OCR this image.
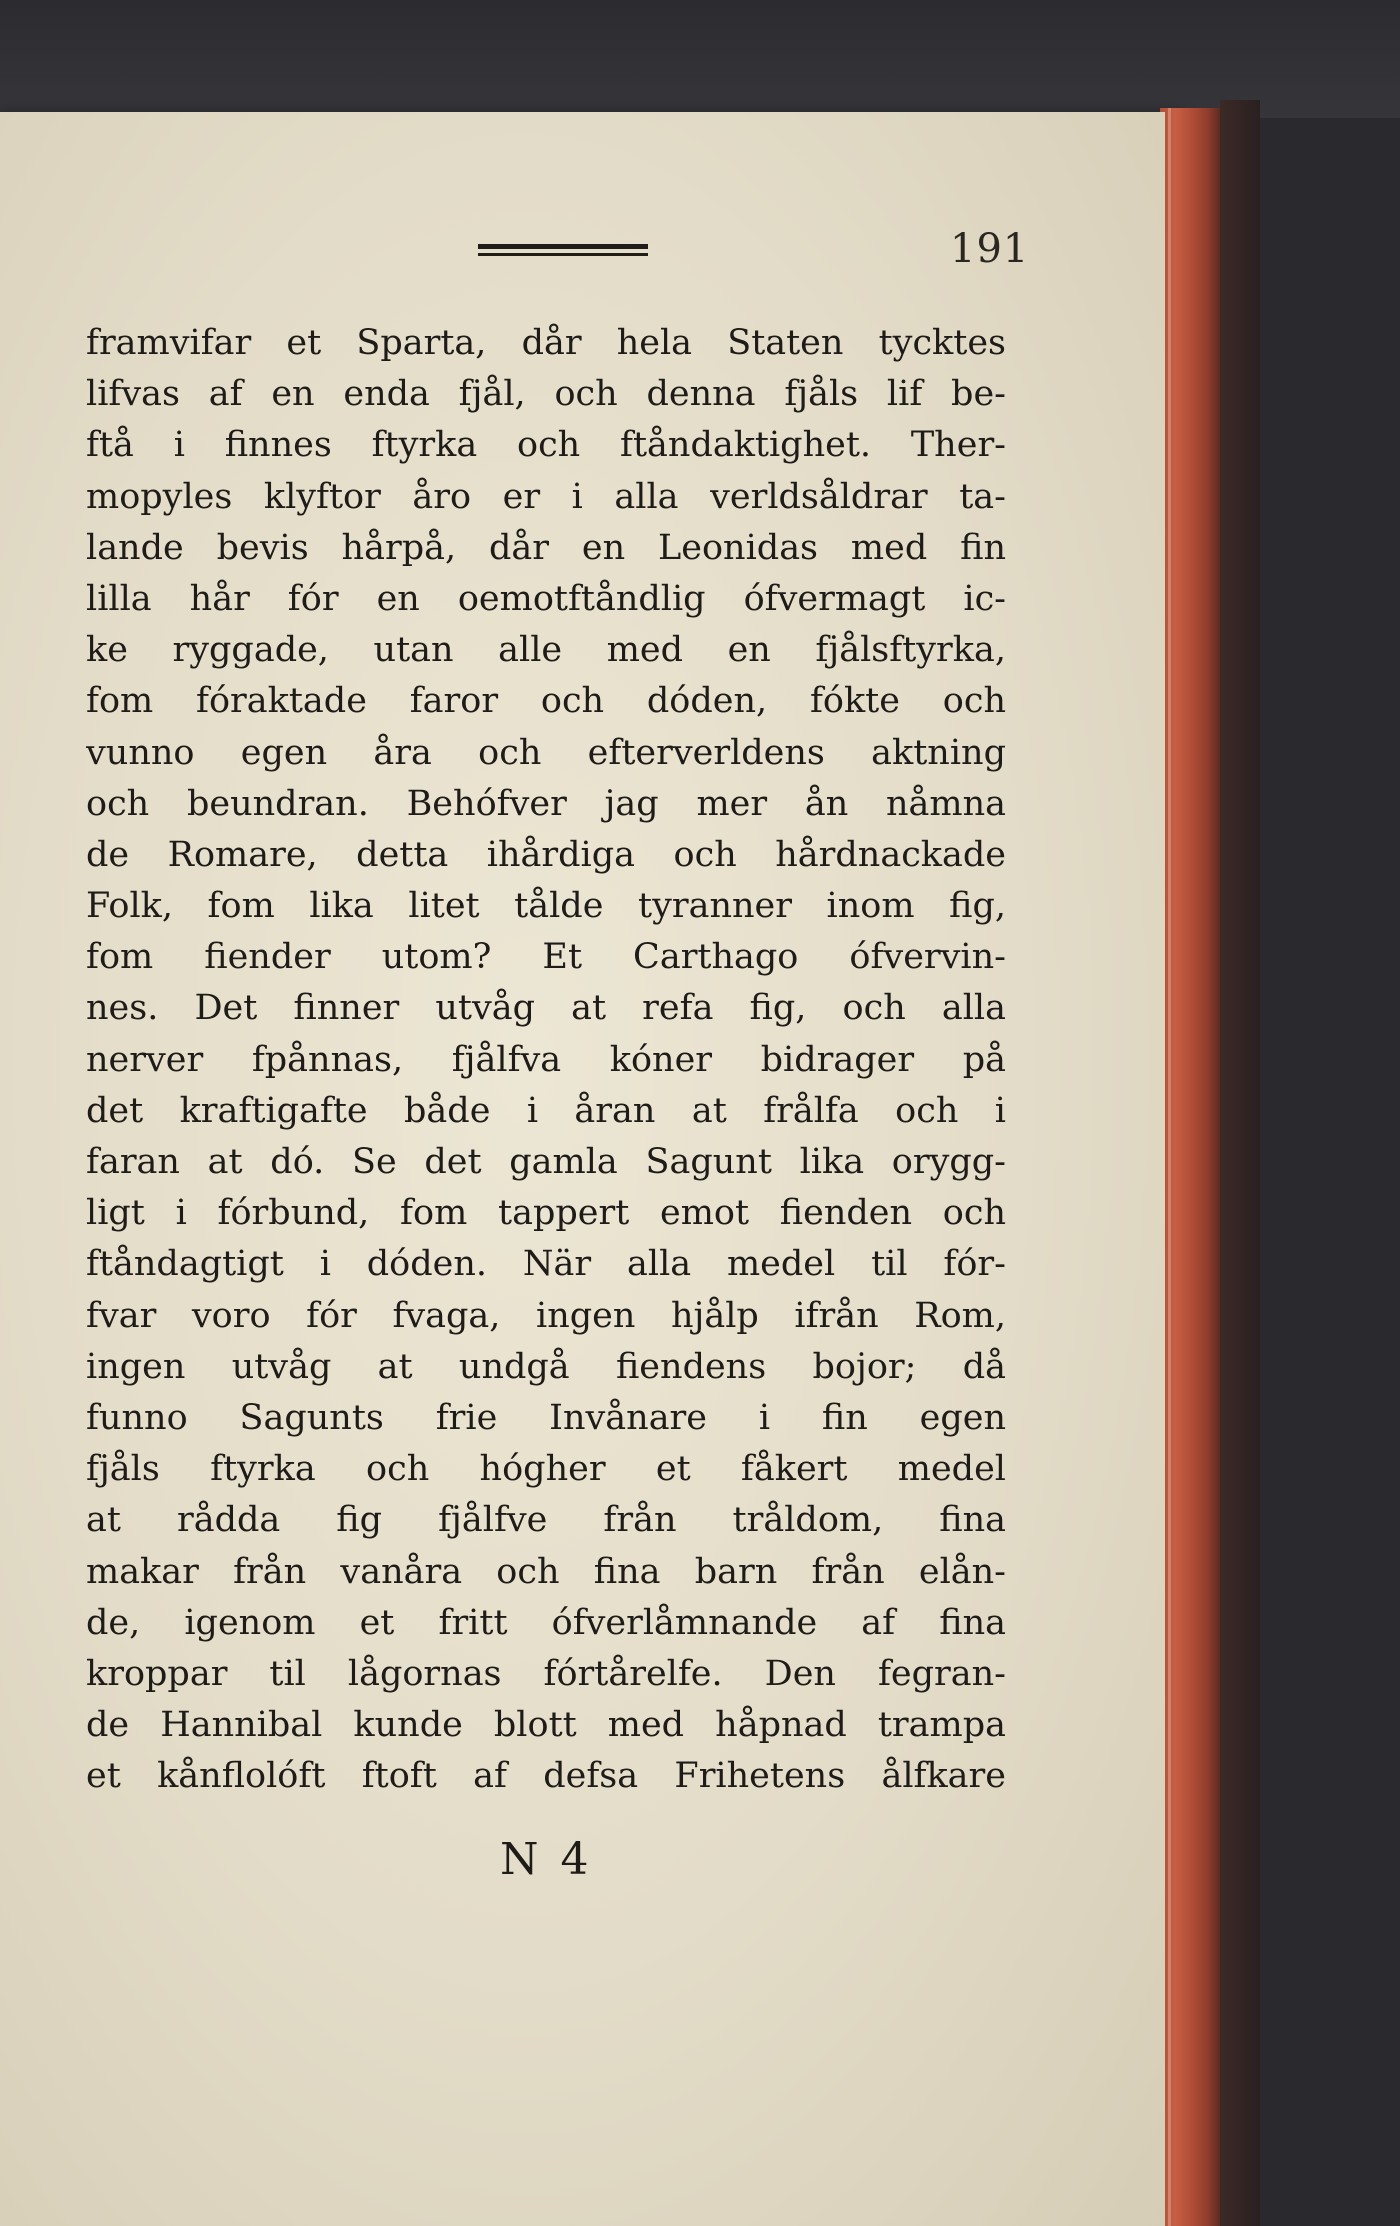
191
framvifar et Sparta, dår hela Staten tycktes
lifvas af en enda fjål, och denna fjåls lif be-
ftå i finnes ftyrka och ftåndaktighet. Ther-
mopyles klyftor åro er i alla verldsåldrar ta-
lande bevis hårpå, dår en Leonidas med fin
lilla hår fór en oemotftåndlig ófvermagt ic-
ke ryggade, utan alle med en fjålsftyrka,
fom fóraktade faror och dóden, fókte och
vunno egen åra och efterverldens aktning
och beundran. Behófver jag mer ån nåmna
de Romare, detta ihårdiga och hårdnackade
Folk, fom lika litet tålde tyranner inom fig,
fom fiender utom? Et Carthago ófvervin-
nes. Det finner utvåg at refa fig, och alla
nerver fpånnas, fjålfva kóner bidrager på
det kraftigafte både i åran at frålfa och i
faran at dó. Se det gamla Sagunt lika orygg-
ligt i fórbund, fom tappert emot fienden och
ftåndagtigt i dóden. När alla medel til fór-
fvar voro fór fvaga, ingen hjålp ifrån Rom,
ingen utvåg at undgå fiendens bojor; då
funno Sagunts frie Invånare i fin egen
fjåls ftyrka och hógher et fåkert medel
at rådda fig fjålfve från tråldom, fina
makar från vanåra och fina barn från elån-
de, igenom et fritt ófverlåmnande af fina
kroppar til lågornas fórtårelfe. Den fegran-
de Hannibal kunde blott med håpnad trampa
et kånflolóft ftoft af defsa Frihetens ålfkare
N 4
